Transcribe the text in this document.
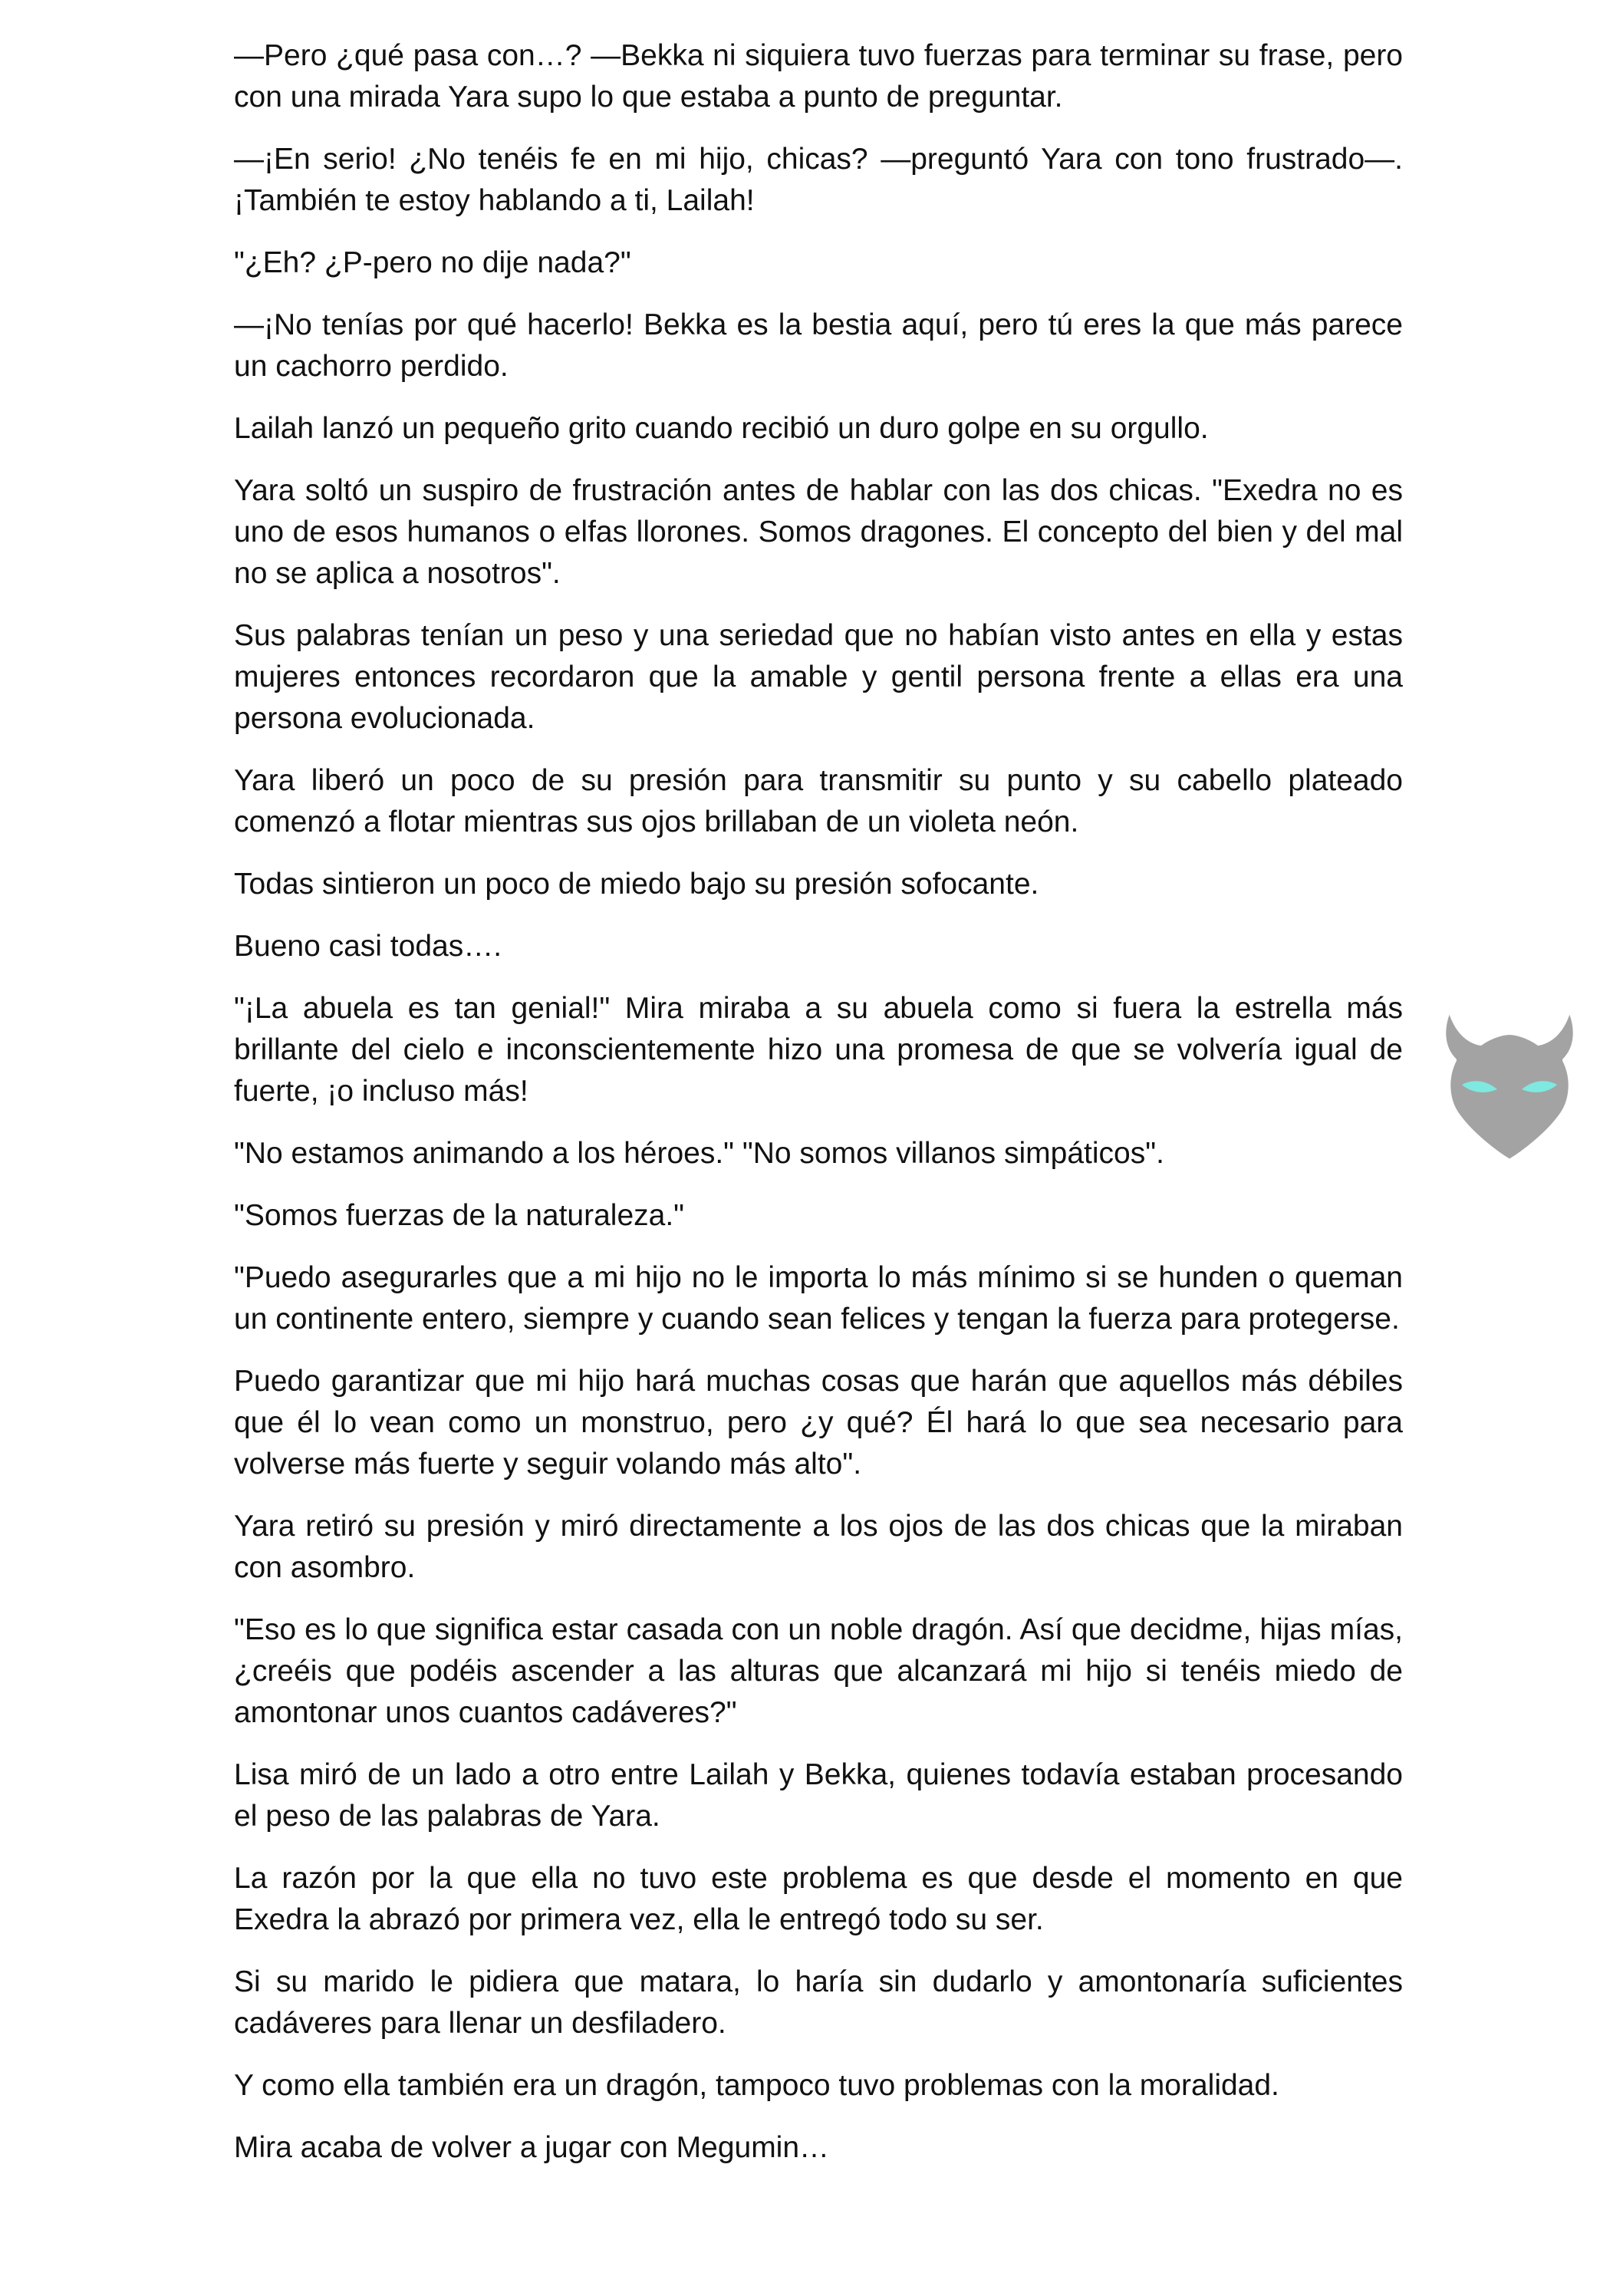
—Pero ¿qué pasa con…? —Bekka ni siquiera tuvo fuerzas para terminar su frase, pero con una mirada Yara supo lo que estaba a punto de preguntar.

—¡En serio! ¿No tenéis fe en mi hijo, chicas? —preguntó Yara con tono frustrado—. ¡También te estoy hablando a ti, Lailah!

"¿Eh? ¿P-pero no dije nada?"

—¡No tenías por qué hacerlo! Bekka es la bestia aquí, pero tú eres la que más parece un cachorro perdido.

Lailah lanzó un pequeño grito cuando recibió un duro golpe en su orgullo.

Yara soltó un suspiro de frustración antes de hablar con las dos chicas. "Exedra no es uno de esos humanos o elfas llorones. Somos dragones. El concepto del bien y del mal no se aplica a nosotros".

Sus palabras tenían un peso y una seriedad que no habían visto antes en ella y estas mujeres entonces recordaron que la amable y gentil persona frente a ellas era una persona evolucionada.

Yara liberó un poco de su presión para transmitir su punto y su cabello plateado comenzó a flotar mientras sus ojos brillaban de un violeta neón.

Todas sintieron un poco de miedo bajo su presión sofocante.

Bueno casi todas….

"¡La abuela es tan genial!" Mira miraba a su abuela como si fuera la estrella más brillante del cielo e inconscientemente hizo una promesa de que se volvería igual de fuerte, ¡o incluso más!

"No estamos animando a los héroes." "No somos villanos simpáticos".

"Somos fuerzas de la naturaleza."

"Puedo asegurarles que a mi hijo no le importa lo más mínimo si se hunden o queman un continente entero, siempre y cuando sean felices y tengan la fuerza para protegerse.

Puedo garantizar que mi hijo hará muchas cosas que harán que aquellos más débiles que él lo vean como un monstruo, pero ¿y qué? Él hará lo que sea necesario para volverse más fuerte y seguir volando más alto".

Yara retiró su presión y miró directamente a los ojos de las dos chicas que la miraban con asombro.

"Eso es lo que significa estar casada con un noble dragón. Así que decidme, hijas mías, ¿creéis que podéis ascender a las alturas que alcanzará mi hijo si tenéis miedo de amontonar unos cuantos cadáveres?"

Lisa miró de un lado a otro entre Lailah y Bekka, quienes todavía estaban procesando el peso de las palabras de Yara.

La razón por la que ella no tuvo este problema es que desde el momento en que Exedra la abrazó por primera vez, ella le entregó todo su ser.

Si su marido le pidiera que matara, lo haría sin dudarlo y amontonaría suficientes cadáveres para llenar un desfiladero.

Y como ella también era un dragón, tampoco tuvo problemas con la moralidad.

Mira acaba de volver a jugar con Megumin…
